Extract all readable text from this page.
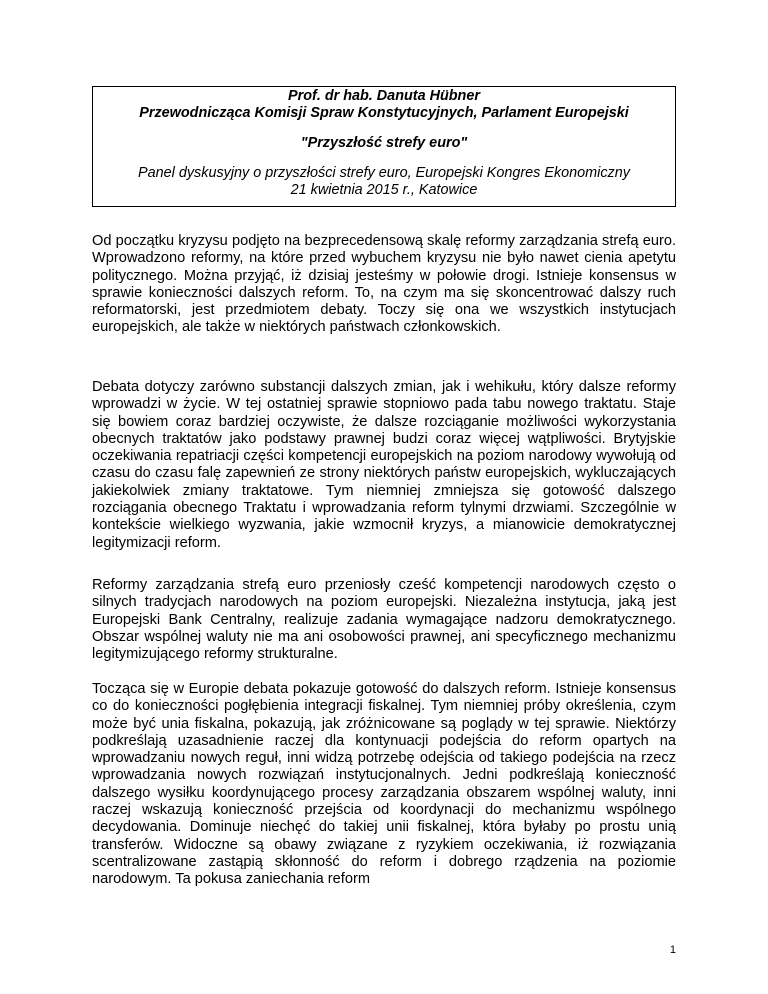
Prof. dr hab. Danuta Hübner

Przewodnicząca Komisji Spraw Konstytucyjnych, Parlament Europejski

"Przyszłość strefy euro"

Panel dyskusyjny o przyszłości strefy euro, Europejski Kongres Ekonomiczny

21 kwietnia 2015 r., Katowice

Od początku kryzysu podjęto na bezprecedensową skalę reformy zarządzania strefą euro. Wprowadzono reformy, na które przed wybuchem kryzysu nie było nawet cienia apetytu politycznego. Można przyjąć, iż dzisiaj jesteśmy w połowie drogi. Istnieje konsensus w sprawie konieczności dalszych reform. To, na czym ma się skoncentrować dalszy ruch reformatorski, jest przedmiotem debaty. Toczy się ona we wszystkich instytucjach europejskich, ale także w niektórych państwach członkowskich.

Debata dotyczy zarówno substancji dalszych zmian, jak i wehikułu, który dalsze reformy wprowadzi w życie. W tej ostatniej sprawie stopniowo pada tabu nowego traktatu. Staje się bowiem coraz bardziej oczywiste, że dalsze rozciąganie możliwości wykorzystania obecnych traktatów jako podstawy prawnej budzi coraz więcej wątpliwości. Brytyjskie oczekiwania repatriacji części kompetencji europejskich na poziom narodowy wywołują od czasu do czasu falę zapewnień ze strony niektórych państw europejskich, wykluczających jakiekolwiek zmiany traktatowe. Tym niemniej zmniejsza się gotowość dalszego rozciągania obecnego Traktatu i wprowadzania reform tylnymi drzwiami. Szczególnie w kontekście wielkiego wyzwania, jakie wzmocnił kryzys, a mianowicie demokratycznej legitymizacji reform.

Reformy zarządzania strefą euro przeniosły cześć kompetencji narodowych często o silnych tradycjach narodowych na poziom europejski. Niezależna instytucja, jaką jest Europejski Bank Centralny, realizuje zadania wymagające nadzoru demokratycznego. Obszar wspólnej waluty nie ma ani osobowości prawnej, ani specyficznego mechanizmu legitymizującego reformy strukturalne.

Tocząca się w Europie debata pokazuje gotowość do dalszych reform. Istnieje konsensus co do konieczności pogłębienia integracji fiskalnej. Tym niemniej próby określenia, czym może być unia fiskalna, pokazują, jak zróżnicowane są poglądy w tej sprawie. Niektórzy podkreślają uzasadnienie raczej dla kontynuacji podejścia do reform opartych na wprowadzaniu nowych reguł, inni widzą potrzebę odejścia od takiego podejścia na rzecz wprowadzania nowych rozwiązań instytucjonalnych. Jedni podkreślają konieczność dalszego wysiłku koordynującego procesy zarządzania obszarem wspólnej waluty, inni raczej wskazują konieczność przejścia od koordynacji do mechanizmu wspólnego decydowania. Dominuje niechęć do takiej unii fiskalnej, która byłaby po prostu unią transferów. Widoczne są obawy związane z ryzykiem oczekiwania, iż rozwiązania scentralizowane zastąpią skłonność do reform i dobrego rządzenia na poziomie narodowym. Ta pokusa zaniechania reform

1
